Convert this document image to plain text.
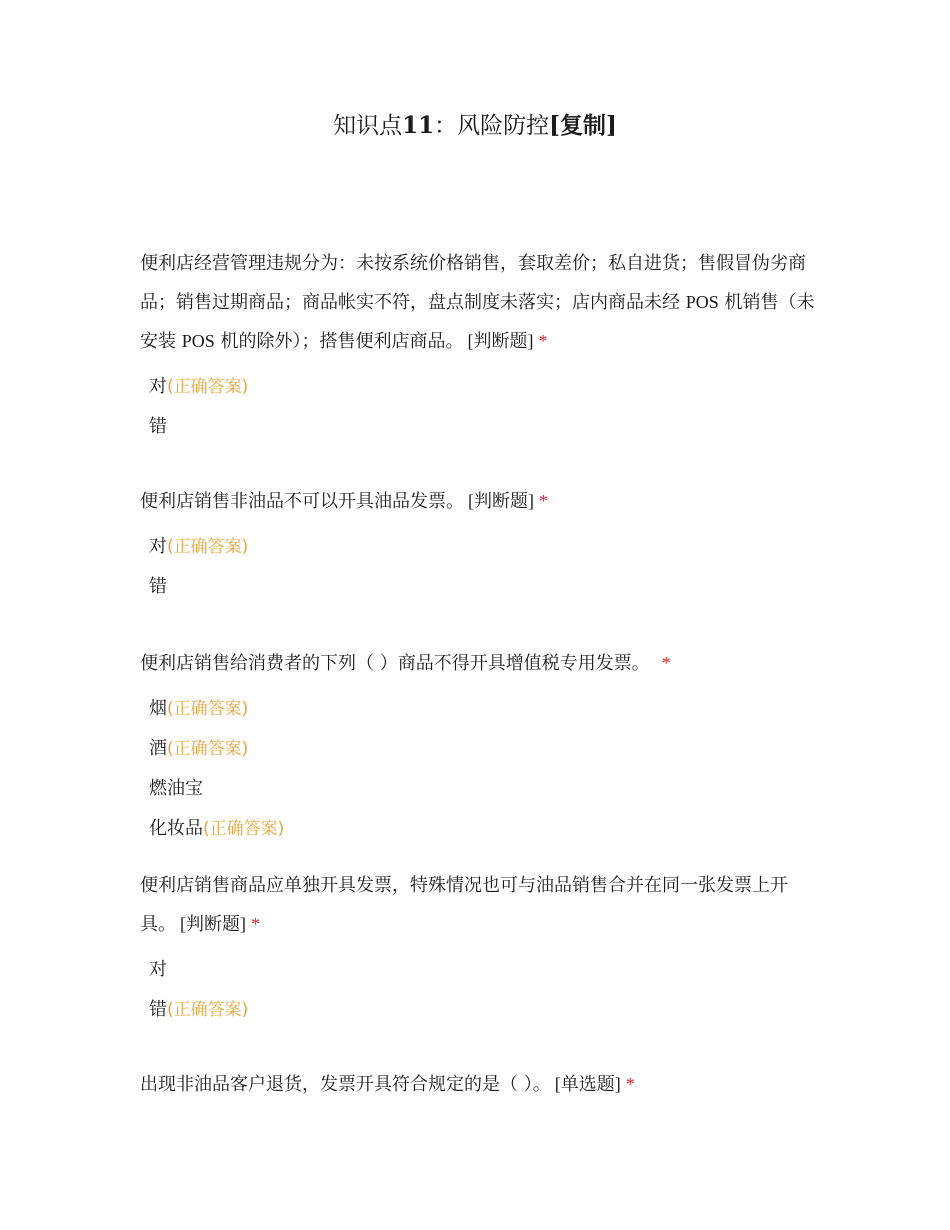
知识点11：风险防控[复制]

便利店经营管理违规分为：未按系统价格销售，套取差价；私自进货；售假冒伪劣商品；销售过期商品；商品帐实不符，盘点制度未落实；店内商品未经 POS 机销售（未安装 POS 机的除外）；搭售便利店商品。 [判断题] *

对(正确答案)
错

便利店销售非油品不可以开具油品发票。 [判断题] *

对(正确答案)
错

便利店销售给消费者的下列（ ）商品不得开具增值税专用发票。 *

烟(正确答案)
酒(正确答案)
燃油宝
化妆品(正确答案)

便利店销售商品应单独开具发票，特殊情况也可与油品销售合并在同一张发票上开具。 [判断题] *

对
错(正确答案)

出现非油品客户退货，发票开具符合规定的是（ ）。 [单选题] *
